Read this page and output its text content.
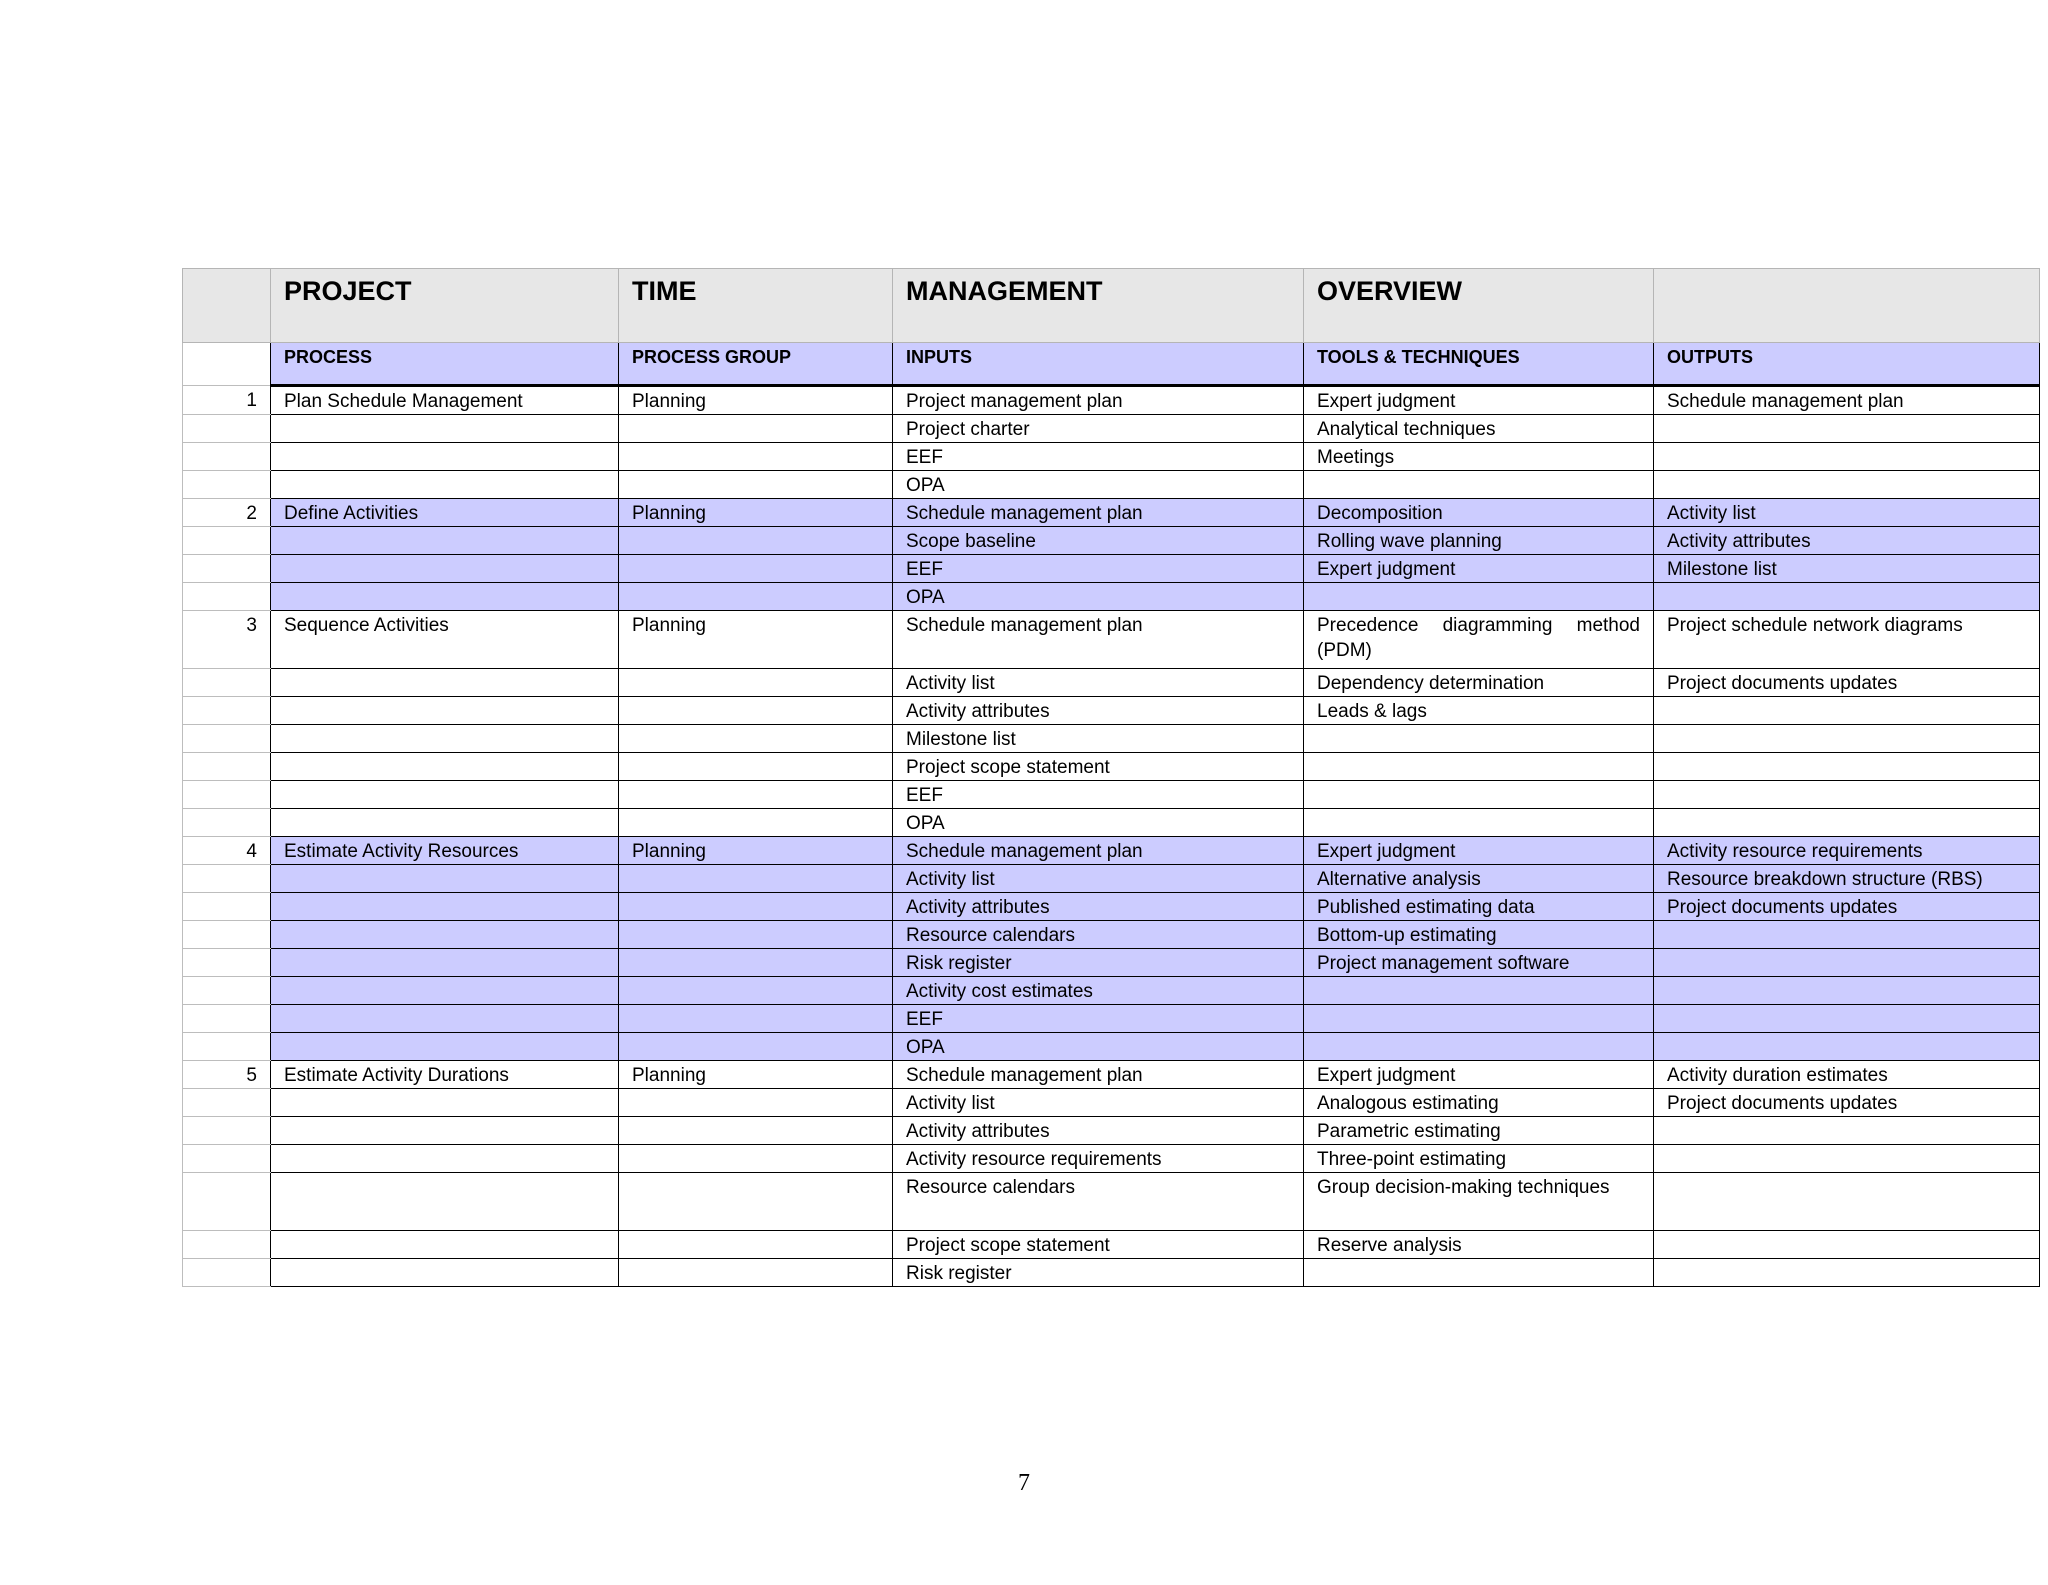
	PROJECT	TIME	MANAGEMENT	OVERVIEW	
	PROCESS	PROCESS GROUP	INPUTS	TOOLS & TECHNIQUES	OUTPUTS
1	Plan Schedule Management	Planning	Project management plan	Expert judgment	Schedule management plan
			Project charter	Analytical techniques	
			EEF	Meetings	
			OPA		
2	Define Activities	Planning	Schedule management plan	Decomposition	Activity list
			Scope baseline	Rolling wave planning	Activity attributes
			EEF	Expert judgment	Milestone list
			OPA		
3	Sequence Activities	Planning	Schedule management plan	Precedence diagramming method (PDM)	Project schedule network diagrams
			Activity list	Dependency determination	Project documents updates
			Activity attributes	Leads & lags	
			Milestone list		
			Project scope statement		
			EEF		
			OPA		
4	Estimate Activity Resources	Planning	Schedule management plan	Expert judgment	Activity resource requirements
			Activity list	Alternative analysis	Resource breakdown structure (RBS)
			Activity attributes	Published estimating data	Project documents updates
			Resource calendars	Bottom-up estimating	
			Risk register	Project management software	
			Activity cost estimates		
			EEF		
			OPA		
5	Estimate Activity Durations	Planning	Schedule management plan	Expert judgment	Activity duration estimates
			Activity list	Analogous estimating	Project documents updates
			Activity attributes	Parametric estimating	
			Activity resource requirements	Three-point estimating	
			Resource calendars	Group decision-making techniques	
			Project scope statement	Reserve analysis	
			Risk register		
7
